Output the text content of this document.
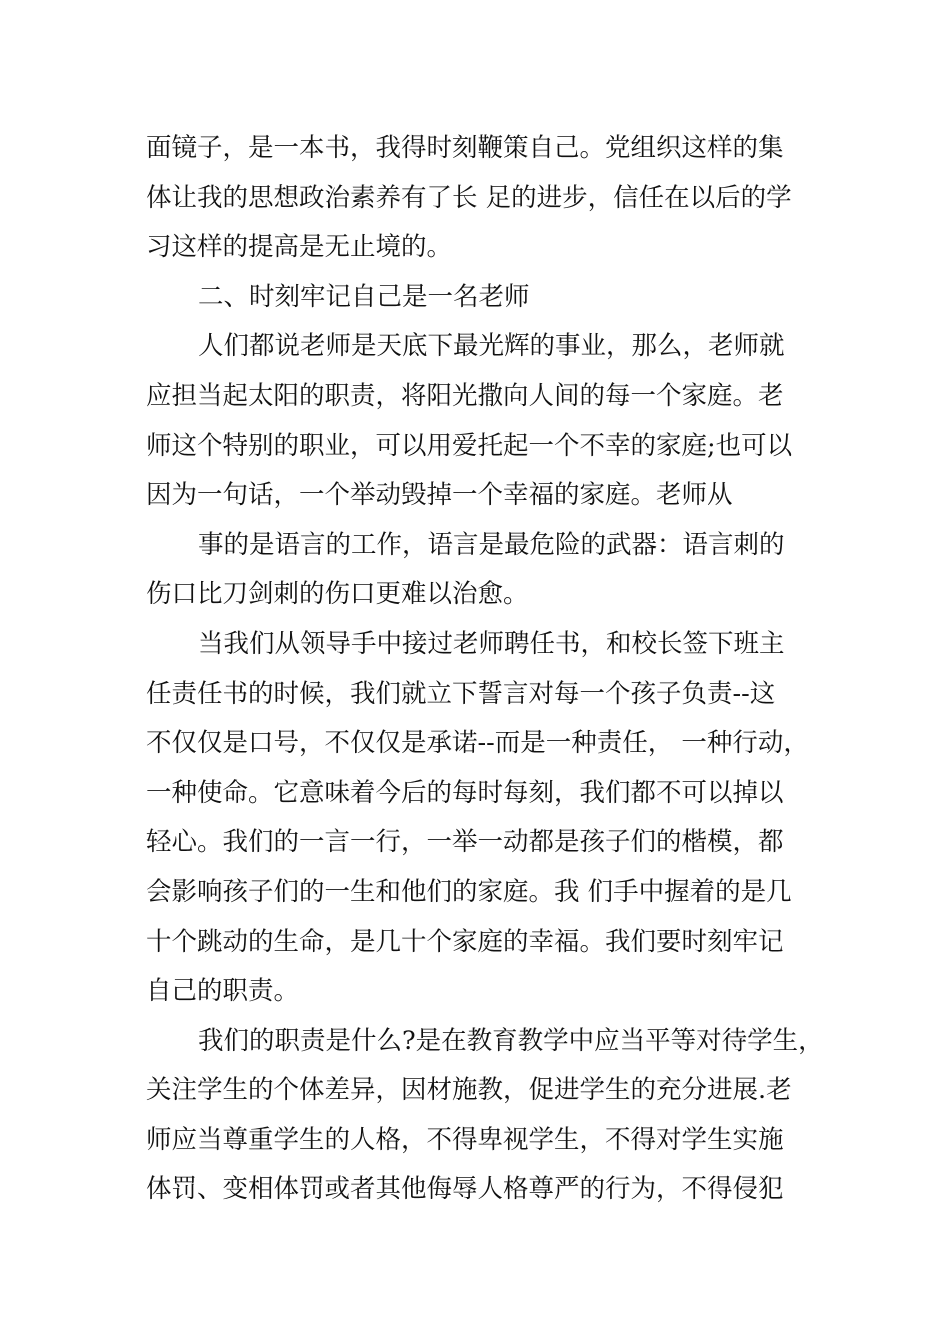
面镜子，是一本书，我得时刻鞭策自己。党组织这样的集
体让我的思想政治素养有了长 足的进步，信任在以后的学
习这样的提高是无止境的。
二、时刻牢记自己是一名老师
人们都说老师是天底下最光辉的事业，那么，老师就
应担当起太阳的职责，将阳光撒向人间的每一个家庭。老
师这个特别的职业，可以用爱托起一个不幸的家庭;也可以
因为一句话，一个举动毁掉一个幸福的家庭。老师从
事的是语言的工作，语言是最危险的武器：语言刺的
伤口比刀剑刺的伤口更难以治愈。
当我们从领导手中接过老师聘任书，和校长签下班主
任责任书的时候，我们就立下誓言对每一个孩子负责--这
不仅仅是口号，不仅仅是承诺--而是一种责任， 一种行动，
一种使命。它意味着今后的每时每刻，我们都不可以掉以
轻心。我们的一言一行，一举一动都是孩子们的楷模，都
会影响孩子们的一生和他们的家庭。我 们手中握着的是几
十个跳动的生命，是几十个家庭的幸福。我们要时刻牢记
自己的职责。
我们的职责是什么?是在教育教学中应当平等对待学生，
关注学生的个体差异，因材施教，促进学生的充分进展.老
师应当尊重学生的人格，不得卑视学生，不得对学生实施
体罚、变相体罚或者其他侮辱人格尊严的行为，不得侵犯
